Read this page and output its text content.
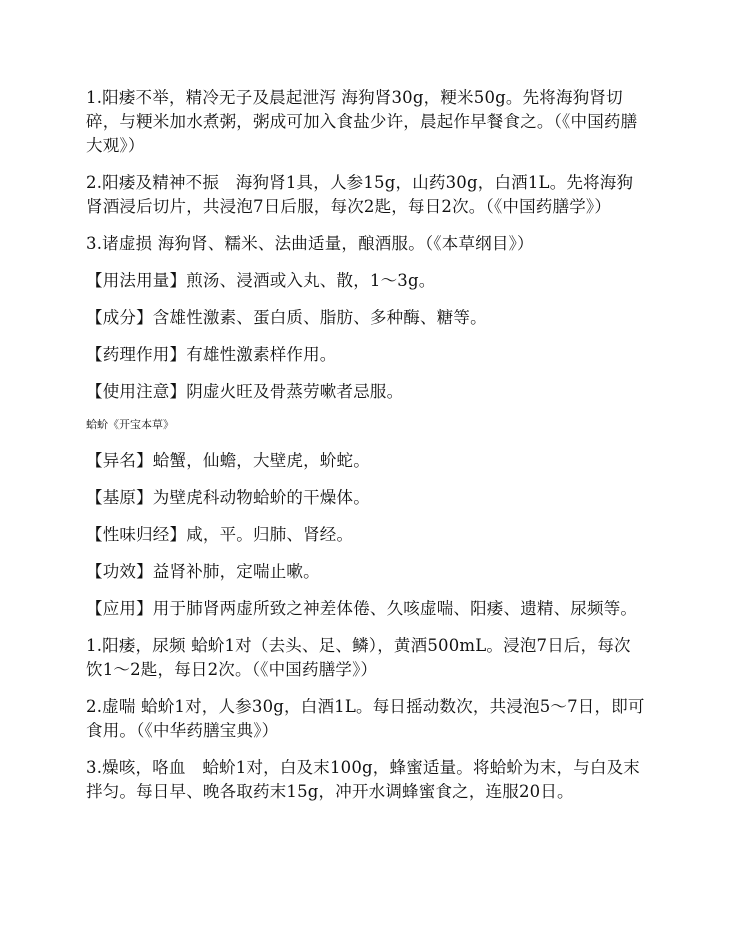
1.阳痿不举，精冷无子及晨起泄泻 海狗肾30g，粳米50g。先将海狗肾切碎，与粳米加水煮粥，粥成可加入食盐少许，晨起作早餐食之。（《中国药膳大观》）

2.阳痿及精神不振　海狗肾1具，人参15g，山药30g，白酒1L。先将海狗肾酒浸后切片，共浸泡7日后服，每次2匙，每日2次。（《中国药膳学》）

3.诸虚损 海狗肾、糯米、法曲适量，酿酒服。（《本草纲目》）

【用法用量】煎汤、浸酒或入丸、散，1～3g。

【成分】含雄性激素、蛋白质、脂肪、多种酶、糖等。

【药理作用】有雄性激素样作用。

【使用注意】阴虚火旺及骨蒸劳嗽者忌服。

蛤蚧《开宝本草》

【异名】蛤蟹，仙蟾，大壁虎，蚧蛇。

【基原】为壁虎科动物蛤蚧的干燥体。

【性味归经】咸，平。归肺、肾经。

【功效】益肾补肺，定喘止嗽。

【应用】用于肺肾两虚所致之神差体倦、久咳虚喘、阳痿、遗精、尿频等。

1.阳痿，尿频 蛤蚧1对（去头、足、鳞），黄酒500mL。浸泡7日后，每次饮1～2匙，每日2次。（《中国药膳学》）

2.虚喘 蛤蚧1对，人参30g，白酒1L。每日摇动数次，共浸泡5～7日，即可食用。（《中华药膳宝典》）

3.燥咳，咯血　蛤蚧1对，白及末100g，蜂蜜适量。将蛤蚧为末，与白及末拌匀。每日早、晚各取药末15g，冲开水调蜂蜜食之，连服20日。
